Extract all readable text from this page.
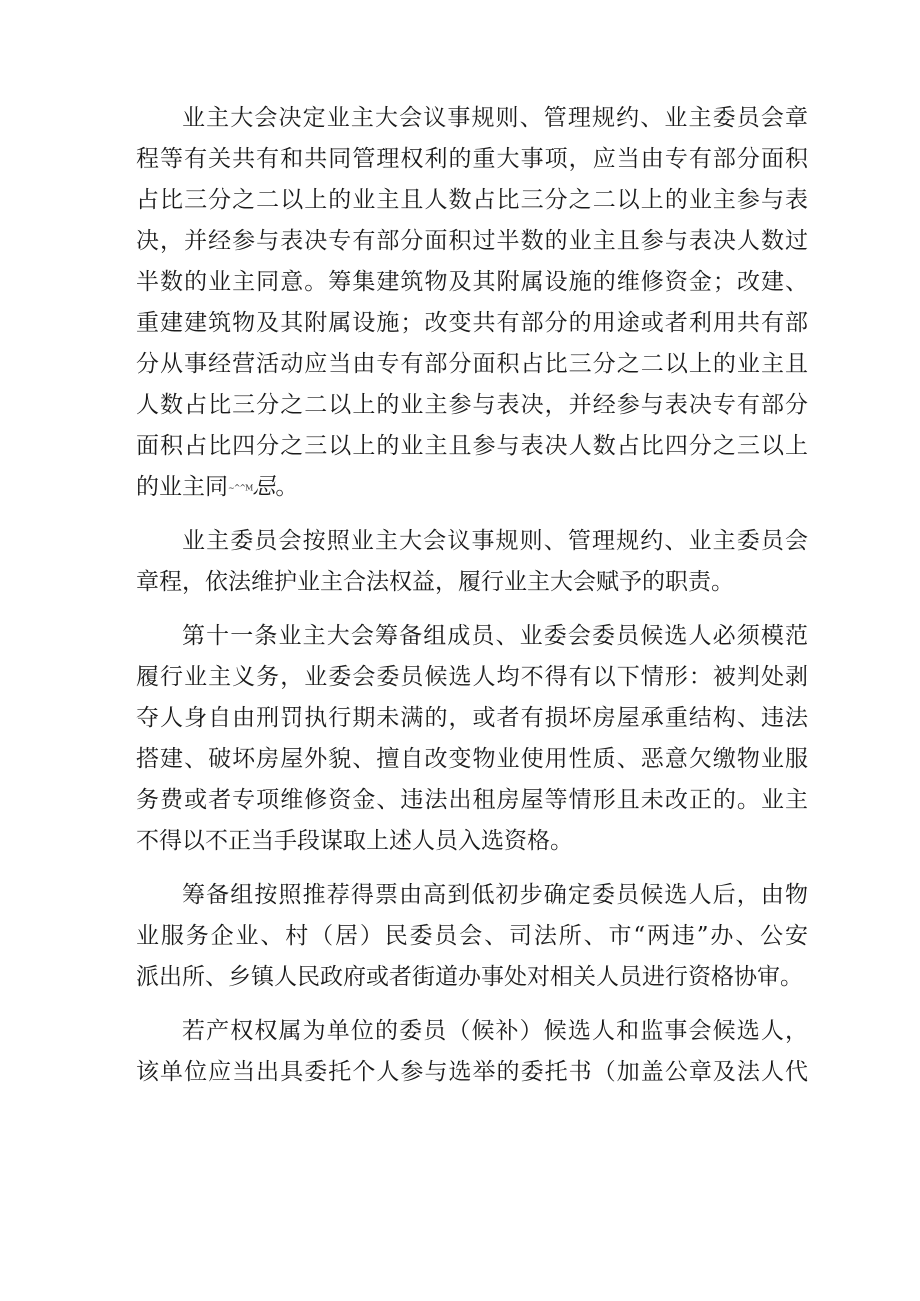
业主大会决定业主大会议事规则、管理规约、业主委员会章
程等有关共有和共同管理权利的重大事项，应当由专有部分面积
占比三分之二以上的业主且人数占比三分之二以上的业主参与表
决，并经参与表决专有部分面积过半数的业主且参与表决人数过
半数的业主同意。筹集建筑物及其附属设施的维修资金；改建、
重建建筑物及其附属设施；改变共有部分的用途或者利用共有部
分从事经营活动应当由专有部分面积占比三分之二以上的业主且
人数占比三分之二以上的业主参与表决，并经参与表决专有部分
面积占比四分之三以上的业主且参与表决人数占比四分之三以上
的业主同~^^M忌。
业主委员会按照业主大会议事规则、管理规约、业主委员会
章程，依法维护业主合法权益，履行业主大会赋予的职责。
第十一条业主大会筹备组成员、业委会委员候选人必须模范
履行业主义务，业委会委员候选人均不得有以下情形：被判处剥
夺人身自由刑罚执行期未满的，或者有损坏房屋承重结构、违法
搭建、破坏房屋外貌、擅自改变物业使用性质、恶意欠缴物业服
务费或者专项维修资金、违法出租房屋等情形且未改正的。业主
不得以不正当手段谋取上述人员入选资格。
筹备组按照推荐得票由高到低初步确定委员候选人后，由物
业服务企业、村（居）民委员会、司法所、市“两违”办、公安
派出所、乡镇人民政府或者街道办事处对相关人员进行资格协审。
若产权权属为单位的委员（候补）候选人和监事会候选人，
该单位应当出具委托个人参与选举的委托书（加盖公章及法人代
